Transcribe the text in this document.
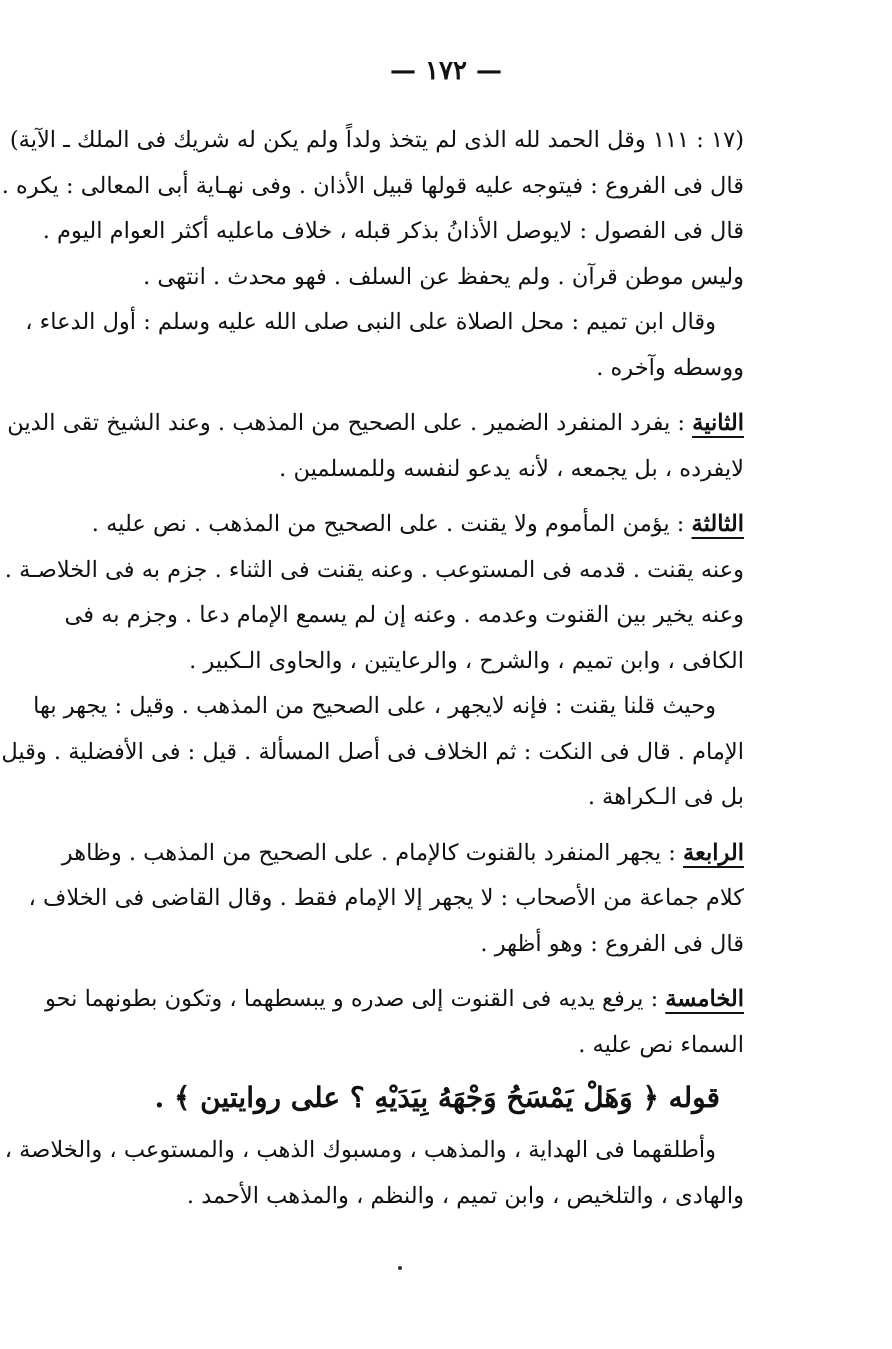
— ١٧٢ —
(١٧ : ١١١ وقل الحمد لله الذى لم يتخذ ولداً ولم يكن له شريك فى الملك ـ الآية)
قال فى الفروع : فيتوجه عليه قولها قبيل الأذان . وفى نهـاية أبى المعالى : يكره .
قال فى الفصول : لايوصل الأذانُ بذكر قبله ، خلاف ماعليه أكثر العوام اليوم .
وليس موطن قرآن . ولم يحفظ عن السلف . فهو محدث . انتهى .
وقال ابن تميم : محل الصلاة على النبى صلى الله عليه وسلم : أول الدعاء ،
ووسطه وآخره .
الثانية : يفرد المنفرد الضمير . على الصحيح من المذهب . وعند الشيخ تقى الدين
لايفرده ، بل يجمعه ، لأنه يدعو لنفسه وللمسلمين .
الثالثة : يؤمن المأموم ولا يقنت . على الصحيح من المذهب . نص عليه .
وعنه يقنت . قدمه فى المستوعب . وعنه يقنت فى الثناء . جزم به فى الخلاصـة .
وعنه يخير بين القنوت وعدمه . وعنه إن لم يسمع الإمام دعا . وجزم به فى
الكافى ، وابن تميم ، والشرح ، والرعايتين ، والحاوى الـكبير .
وحيث قلنا يقنت : فإنه لايجهر ، على الصحيح من المذهب . وقيل : يجهر بها
الإمام . قال فى النكت : ثم الخلاف فى أصل المسألة . قيل : فى الأفضلية . وقيل
بل فى الـكراهة .
الرابعة : يجهر المنفرد بالقنوت كالإمام . على الصحيح من المذهب . وظاهر
كلام جماعة من الأصحاب : لا يجهر إلا الإمام فقط . وقال القاضى فى الخلاف ،
قال فى الفروع : وهو أظهر .
الخامسة : يرفع يديه فى القنوت إلى صدره و يبسطهما ، وتكون بطونهما نحو
السماء نص عليه .
قوله ﴿ وَهَلْ يَمْسَحُ وَجْهَهُ بِيَدَيْهِ ؟ على روايتين ﴾ .
وأطلقهما فى الهداية ، والمذهب ، ومسبوك الذهب ، والمستوعب ، والخلاصة ،
والهادى ، والتلخيص ، وابن تميم ، والنظم ، والمذهب الأحمد .
